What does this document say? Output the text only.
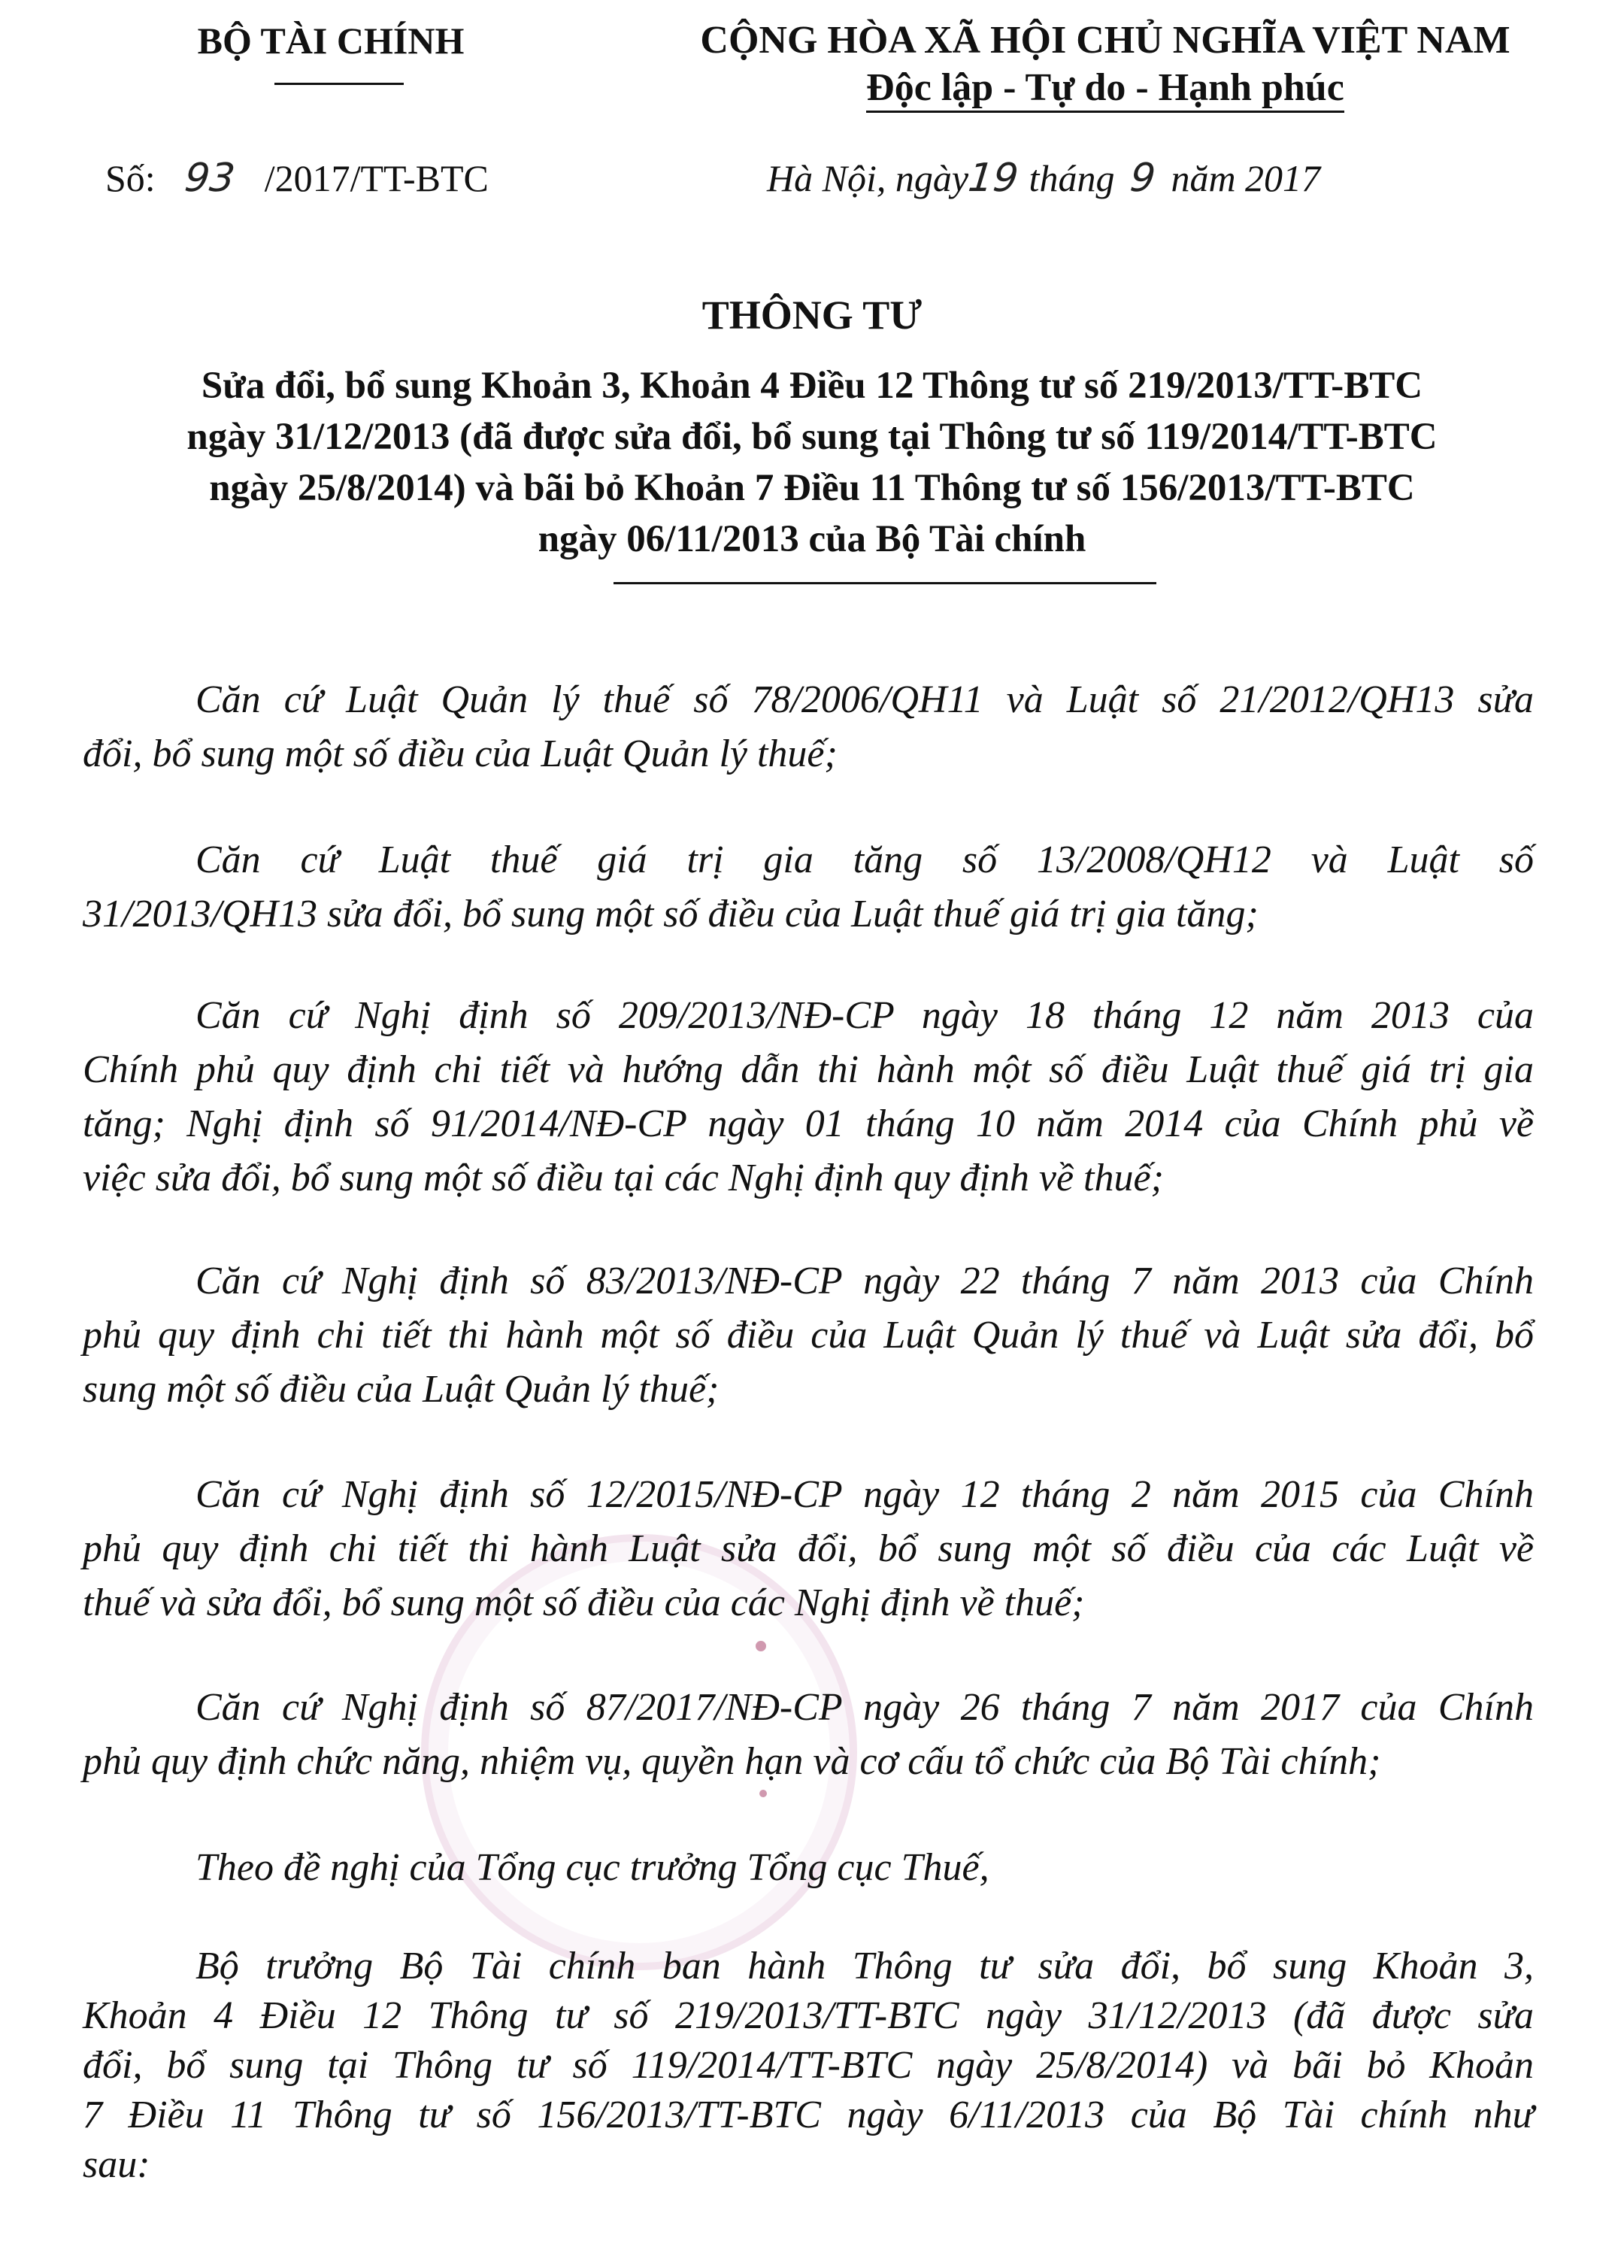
BỘ TÀI CHÍNH	CỘNG HÒA XÃ HỘI CHỦ NGHĨA VIỆT NAM
Độc lập - Tự do - Hạnh phúc
Số: 93 /2017/TT-BTC	Hà Nội, ngày19 tháng 9 năm 2017
THÔNG TƯ
Sửa đổi, bổ sung Khoản 3, Khoản 4 Điều 12 Thông tư số 219/2013/TT-BTC
ngày 31/12/2013 (đã được sửa đổi, bổ sung tại Thông tư số 119/2014/TT-BTC
ngày 25/8/2014) và bãi bỏ Khoản 7 Điều 11 Thông tư số 156/2013/TT-BTC
ngày 06/11/2013 của Bộ Tài chính
Căn cứ Luật Quản lý thuế số 78/2006/QH11 và Luật số 21/2012/QH13 sửa
đổi, bổ sung một số điều của Luật Quản lý thuế;
Căn cứ Luật thuế giá trị gia tăng số 13/2008/QH12 và Luật số
31/2013/QH13 sửa đổi, bổ sung một số điều của Luật thuế giá trị gia tăng;
Căn cứ Nghị định số 209/2013/NĐ-CP ngày 18 tháng 12 năm 2013 của
Chính phủ quy định chi tiết và hướng dẫn thi hành một số điều Luật thuế giá trị gia
tăng; Nghị định số 91/2014/NĐ-CP ngày 01 tháng 10 năm 2014 của Chính phủ về
việc sửa đổi, bổ sung một số điều tại các Nghị định quy định về thuế;
Căn cứ Nghị định số 83/2013/NĐ-CP ngày 22 tháng 7 năm 2013 của Chính
phủ quy định chi tiết thi hành một số điều của Luật Quản lý thuế và Luật sửa đổi, bổ
sung một số điều của Luật Quản lý thuế;
Căn cứ Nghị định số 12/2015/NĐ-CP ngày 12 tháng 2 năm 2015 của Chính
phủ quy định chi tiết thi hành Luật sửa đổi, bổ sung một số điều của các Luật về
thuế và sửa đổi, bổ sung một số điều của các Nghị định về thuế;
Căn cứ Nghị định số 87/2017/NĐ-CP ngày 26 tháng 7 năm 2017 của Chính
phủ quy định chức năng, nhiệm vụ, quyền hạn và cơ cấu tổ chức của Bộ Tài chính;
Theo đề nghị của Tổng cục trưởng Tổng cục Thuế,
Bộ trưởng Bộ Tài chính ban hành Thông tư sửa đổi, bổ sung Khoản 3,
Khoản 4 Điều 12 Thông tư số 219/2013/TT-BTC ngày 31/12/2013 (đã được sửa
đổi, bổ sung tại Thông tư số 119/2014/TT-BTC ngày 25/8/2014) và bãi bỏ Khoản
7 Điều 11 Thông tư số 156/2013/TT-BTC ngày 6/11/2013 của Bộ Tài chính như
sau:
